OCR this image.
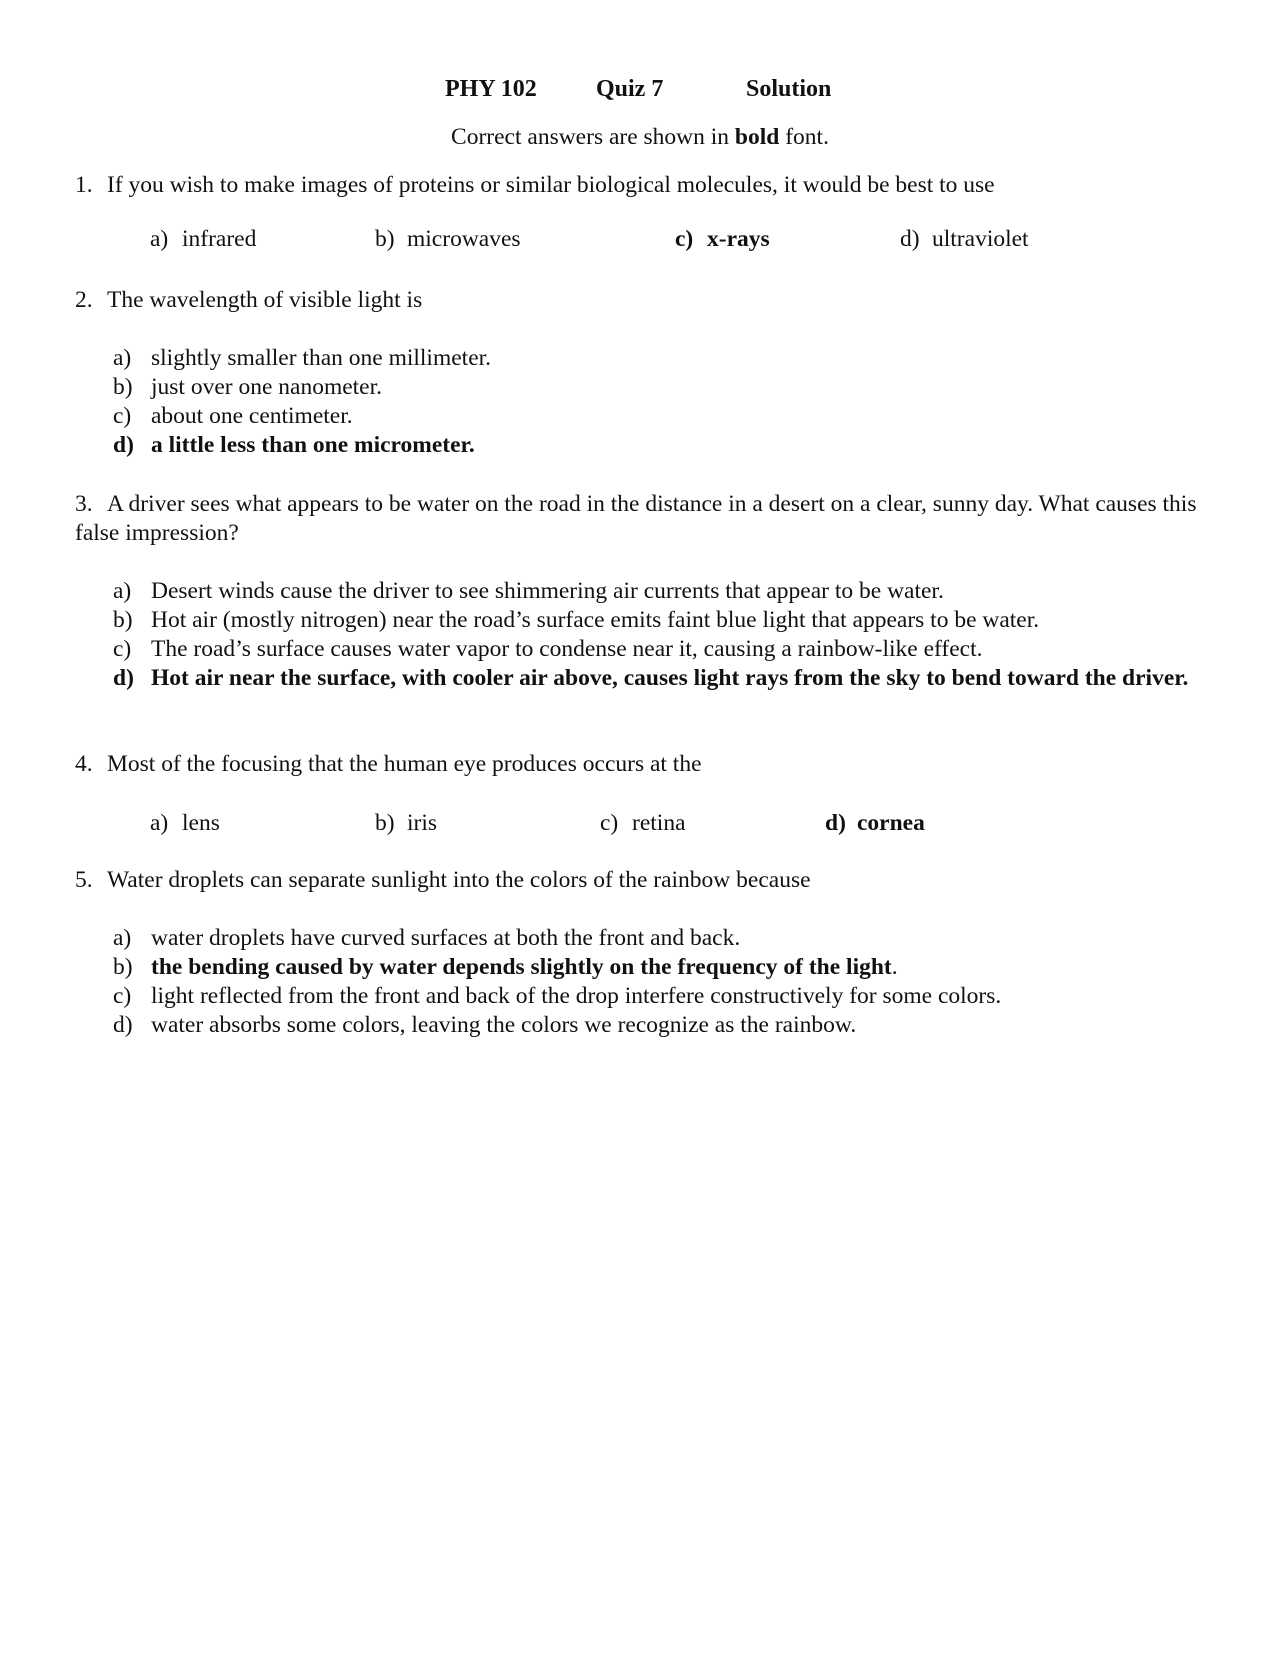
PHY 102 Quiz 7	Solution
Correct answers are shown in bold font.
1. If you wish to make images of proteins or similar biological molecules, it would be best to use
a) infrared	b) microwaves	c) x-rays	d) ultraviolet
2. The wavelength of visible light is
a) slightly smaller than one millimeter.
b) just over one nanometer.
c) about one centimeter.
d) a little less than one micrometer.
3. A driver sees what appears to be water on the road in the distance in a desert on a clear, sunny day. What causes this false impression?
a) Desert winds cause the driver to see shimmering air currents that appear to be water.
b) Hot air (mostly nitrogen) near the road’s surface emits faint blue light that appears to be water.
c) The road’s surface causes water vapor to condense near it, causing a rainbow-like effect.
d) Hot air near the surface, with cooler air above, causes light rays from the sky to bend toward the driver.
4. Most of the focusing that the human eye produces occurs at the
a) lens	b) iris	c) retina	d) cornea
5. Water droplets can separate sunlight into the colors of the rainbow because
a) water droplets have curved surfaces at both the front and back.
b) the bending caused by water depends slightly on the frequency of the light.
c) light reflected from the front and back of the drop interfere constructively for some colors.
d) water absorbs some colors, leaving the colors we recognize as the rainbow.
